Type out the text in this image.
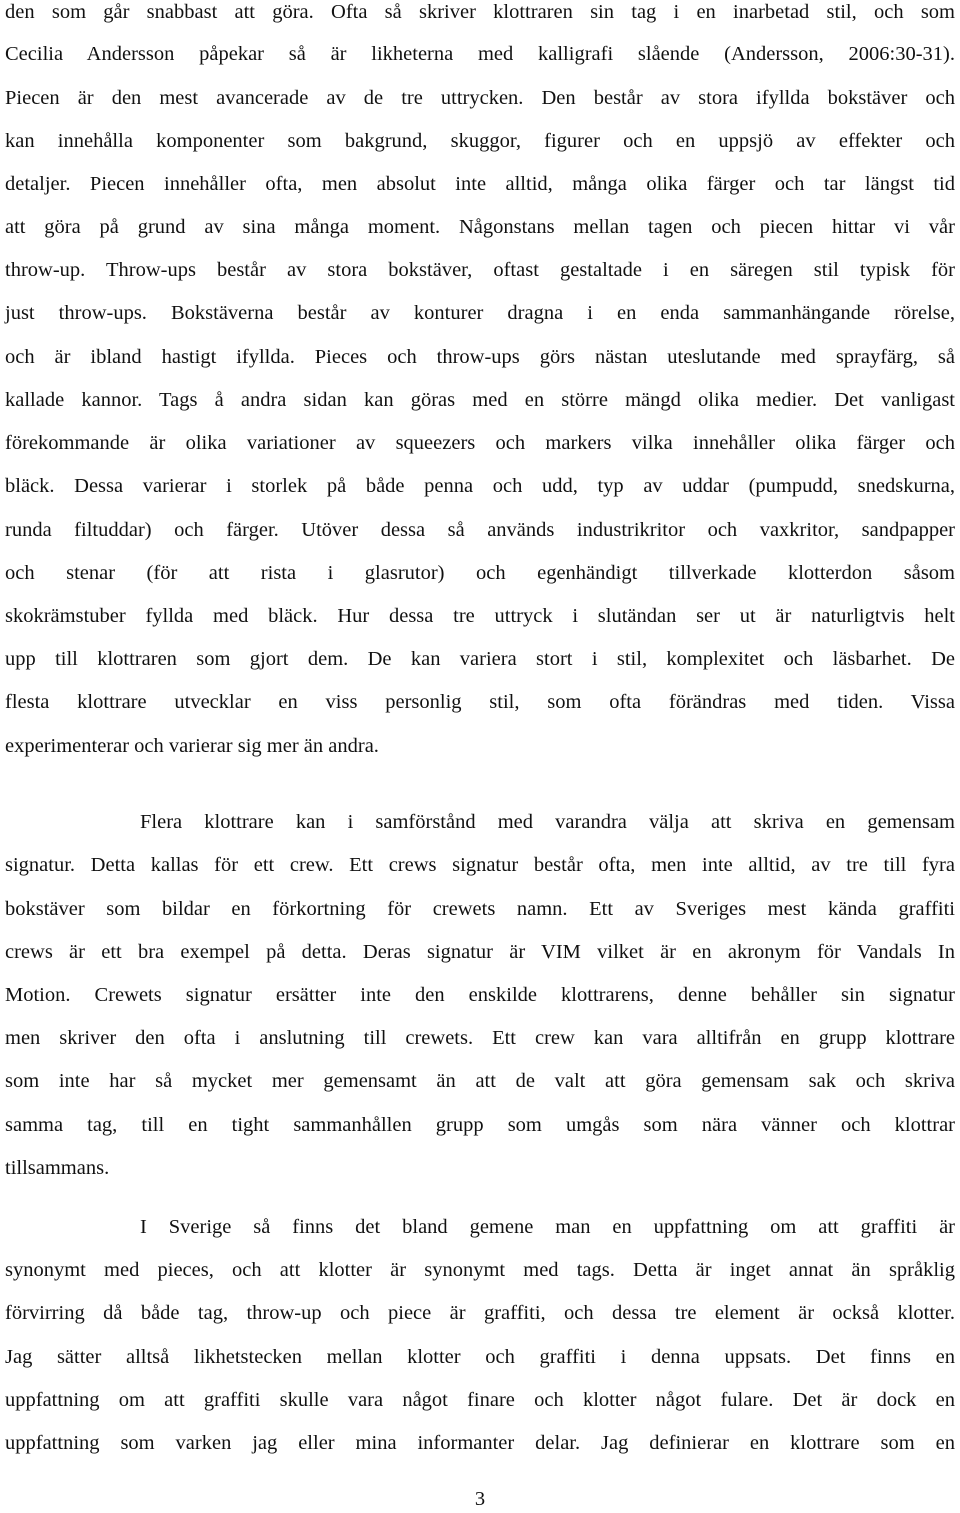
den som går snabbast att göra. Ofta så skriver klottraren sin tag i en inarbetad stil, och som
Cecilia Andersson påpekar så är likheterna med kalligrafi slående (Andersson, 2006:30-31).
Piecen är den mest avancerade av de tre uttrycken. Den består av stora ifyllda bokstäver och
kan innehålla komponenter som bakgrund, skuggor, figurer och en uppsjö av effekter och
detaljer. Piecen innehåller ofta, men absolut inte alltid, många olika färger och tar längst tid
att göra på grund av sina många moment. Någonstans mellan tagen och piecen hittar vi vår
throw-up. Throw-ups består av stora bokstäver, oftast gestaltade i en säregen stil typisk för
just throw-ups. Bokstäverna består av konturer dragna i en enda sammanhängande rörelse,
och är ibland hastigt ifyllda. Pieces och throw-ups görs nästan uteslutande med sprayfärg, så
kallade kannor. Tags å andra sidan kan göras med en större mängd olika medier. Det vanligast
förekommande är olika variationer av squeezers och markers vilka innehåller olika färger och
bläck. Dessa varierar i storlek på både penna och udd, typ av uddar (pumpudd, snedskurna,
runda filtuddar) och färger. Utöver dessa så används industrikritor och vaxkritor, sandpapper
och stenar (för att rista i glasrutor) och egenhändigt tillverkade klotterdon såsom
skokrämstuber fyllda med bläck. Hur dessa tre uttryck i slutändan ser ut är naturligtvis helt
upp till klottraren som gjort dem. De kan variera stort i stil, komplexitet och läsbarhet. De
flesta klottrare utvecklar en viss personlig stil, som ofta förändras med tiden. Vissa
experimenterar och varierar sig mer än andra.
Flera klottrare kan i samförstånd med varandra välja att skriva en gemensam
signatur. Detta kallas för ett crew. Ett crews signatur består ofta, men inte alltid, av tre till fyra
bokstäver som bildar en förkortning för crewets namn. Ett av Sveriges mest kända graffiti
crews är ett bra exempel på detta. Deras signatur är VIM vilket är en akronym för Vandals In
Motion. Crewets signatur ersätter inte den enskilde klottrarens, denne behåller sin signatur
men skriver den ofta i anslutning till crewets. Ett crew kan vara alltifrån en grupp klottrare
som inte har så mycket mer gemensamt än att de valt att göra gemensam sak och skriva
samma tag, till en tight sammanhållen grupp som umgås som nära vänner och klottrar
tillsammans.
I Sverige så finns det bland gemene man en uppfattning om att graffiti är
synonymt med pieces, och att klotter är synonymt med tags. Detta är inget annat än språklig
förvirring då både tag, throw-up och piece är graffiti, och dessa tre element är också klotter.
Jag sätter alltså likhetstecken mellan klotter och graffiti i denna uppsats. Det finns en
uppfattning om att graffiti skulle vara något finare och klotter något fulare. Det är dock en
uppfattning som varken jag eller mina informanter delar. Jag definierar en klottrare som en
3
